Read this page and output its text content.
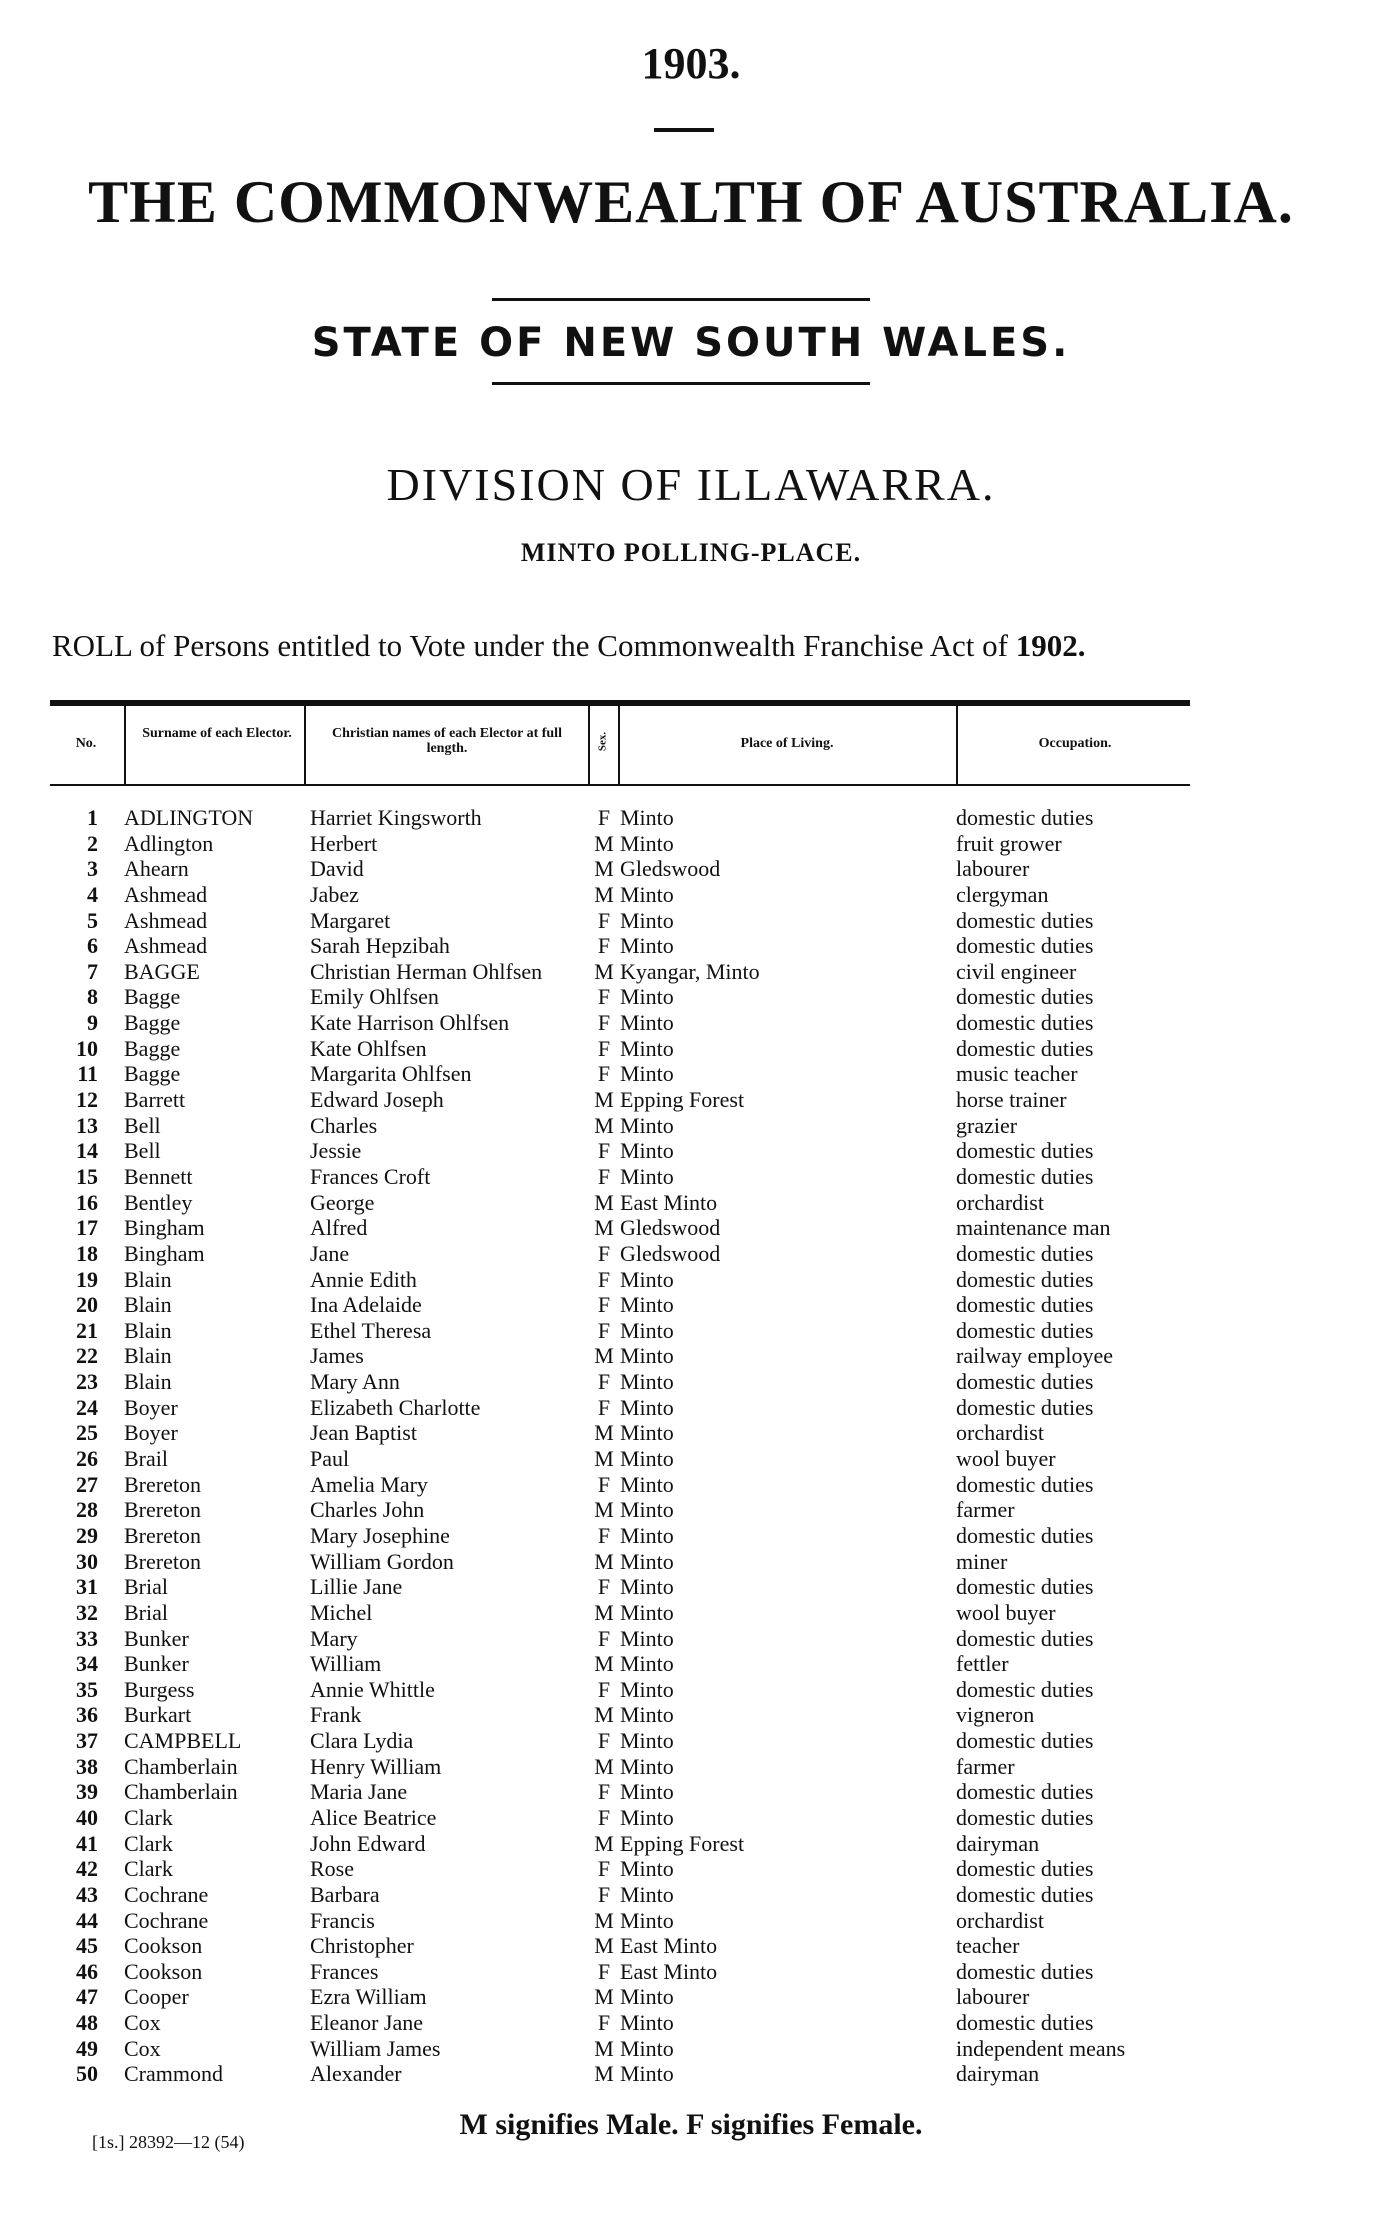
1903.
THE COMMONWEALTH OF AUSTRALIA.
STATE OF NEW SOUTH WALES.
DIVISION OF ILLAWARRA.
MINTO POLLING-PLACE.
ROLL of Persons entitled to Vote under the Commonwealth Franchise Act of 1902.
No.
Surname of each Elector.	Christian names of each Elector at full length.	Sex.	Place of Living.	Occupation.
1 ADLINGTON	Harriet Kingsworth	F Minto	domestic duties
2 Adlington	Herbert	M Minto	fruit grower
3 Ahearn	David	M Gledswood	labourer
4 Ashmead	Jabez	M Minto	clergyman
5 Ashmead	Margaret	F Minto	domestic duties
6 Ashmead	Sarah Hepzibah	F Minto	domestic duties
7 BAGGE	Christian Herman Ohlfsen M Kyangar, Minto	civil engineer
8 Bagge	Emily Ohlfsen	F Minto	domestic duties
9 Bagge	Kate Harrison Ohlfsen	F Minto	domestic duties
10 Bagge	Kate Ohlfsen	F Minto	domestic duties
11 Bagge	Margarita Ohlfsen	F Minto	music teacher
12 Barrett	Edward Joseph	M Epping Forest	horse trainer
13 Bell	Charles	M Minto	grazier
14 Bell	Jessie	F Minto	domestic duties
15 Bennett	Frances Croft	F Minto	domestic duties
16 Bentley	George	M East Minto	orchardist
17 Bingham	Alfred	M Gledswood	maintenance man
18 Bingham	Jane	F Gledswood	domestic duties
19 Blain	Annie Edith	F Minto	domestic duties
20 Blain	Ina Adelaide	F Minto	domestic duties
21 Blain	Ethel Theresa	F Minto	domestic duties
22 Blain	James	M Minto	railway employee
23 Blain	Mary Ann	F Minto	domestic duties
24 Boyer	Elizabeth Charlotte	F Minto	domestic duties
25 Boyer	Jean Baptist	M Minto	orchardist
26 Brail	Paul	M Minto	wool buyer
27 Brereton	Amelia Mary	F Minto	domestic duties
28 Brereton	Charles John	M Minto	farmer
29 Brereton	Mary Josephine	F Minto	domestic duties
30 Brereton	William Gordon	M Minto	miner
31 Brial	Lillie Jane	F Minto	domestic duties
32 Brial	Michel	M Minto	wool buyer
33 Bunker	Mary	F Minto	domestic duties
34 Bunker	William	M Minto	fettler
35 Burgess	Annie Whittle	F Minto	domestic duties
36 Burkart	Frank	M Minto	vigneron
37 CAMPBELL	Clara Lydia	F Minto	domestic duties
38 Chamberlain	Henry William	M Minto	farmer
39 Chamberlain	Maria Jane	F Minto	domestic duties
40 Clark	Alice Beatrice	F Minto	domestic duties
41 Clark	John Edward	M Epping Forest	dairyman
42 Clark	Rose	F Minto	domestic duties
43 Cochrane	Barbara	F Minto	domestic duties
44 Cochrane	Francis	M Minto	orchardist
45 Cookson	Christopher	M East Minto	teacher
46 Cookson	Frances	F East Minto	domestic duties
47 Cooper	Ezra William	M Minto	labourer
48 Cox	Eleanor Jane	F Minto	domestic duties
49 Cox	William James	M Minto	independent means
50 Crammond	Alexander	M Minto	dairyman
M signifies Male. F signifies Female.
[1s.] 28392—12 (54)
